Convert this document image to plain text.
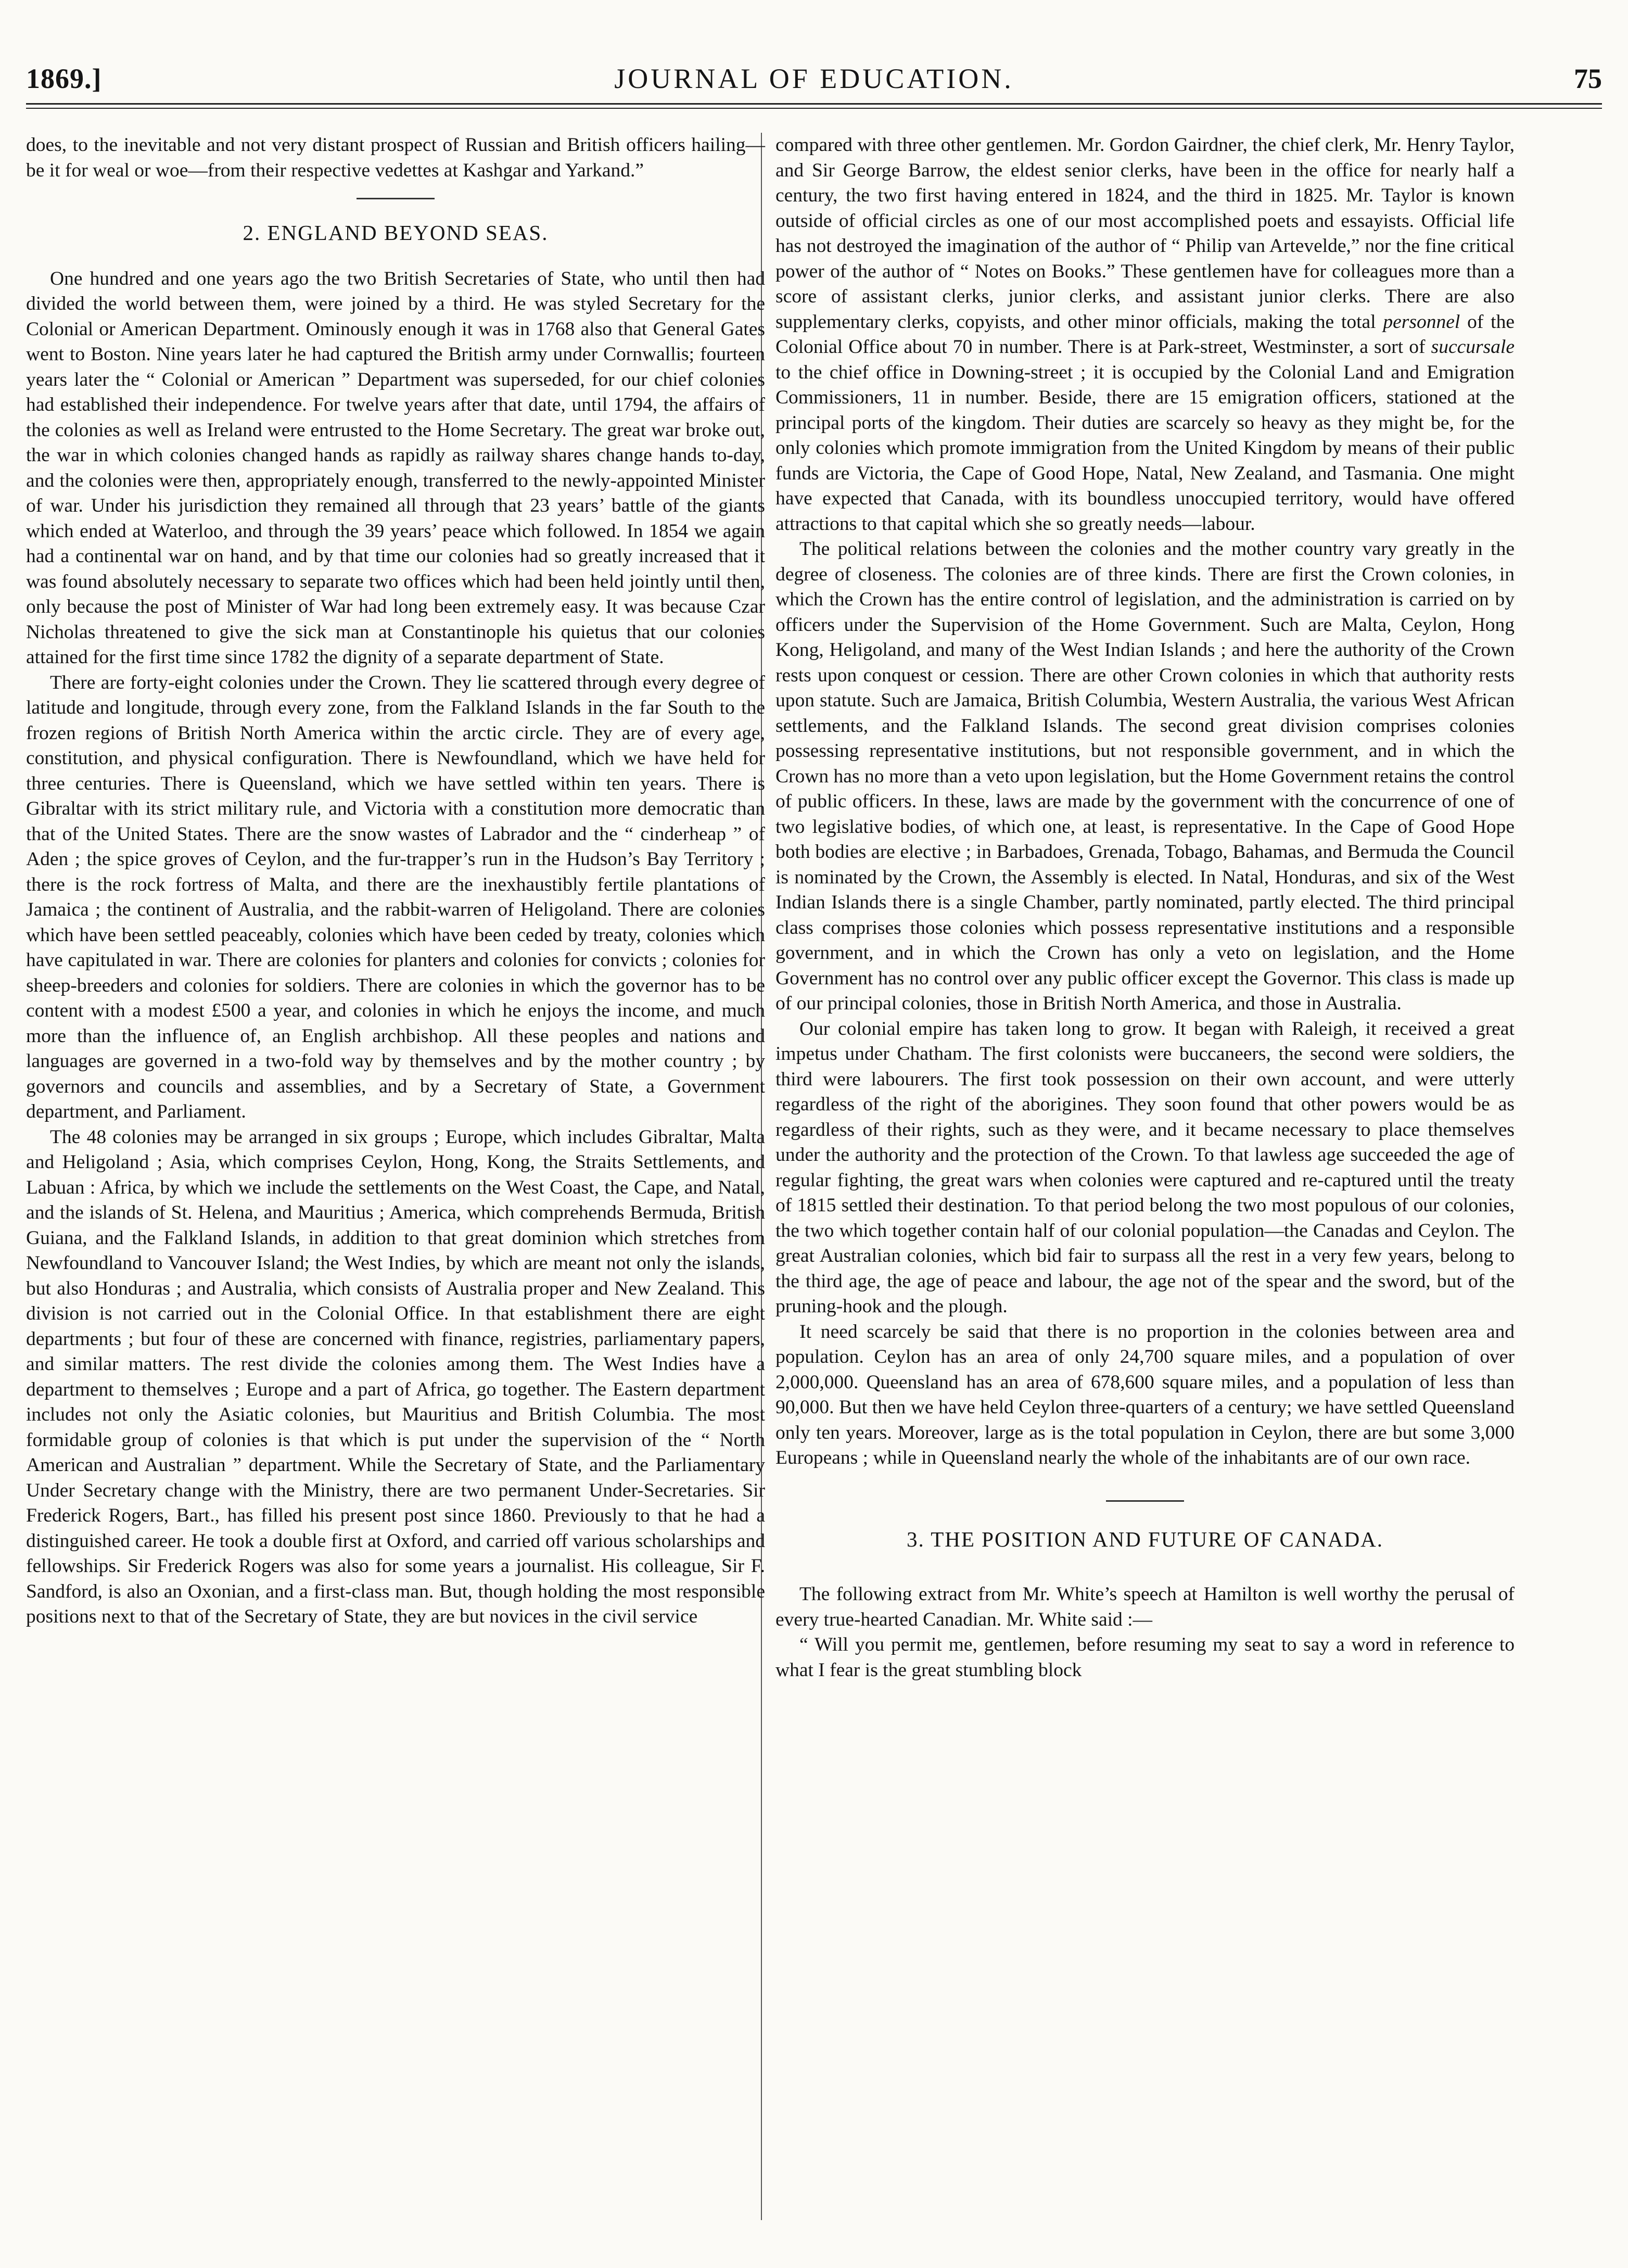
1869.]	JOURNAL OF EDUCATION.	75

does, to the inevitable and not very distant prospect of Russian and British officers hailing—be it for weal or woe—from their respective vedettes at Kashgar and Yarkand.”

2. ENGLAND BEYOND SEAS.

One hundred and one years ago the two British Secretaries of State, who until then had divided the world between them, were joined by a third. He was styled Secretary for the Colonial or American Department. Ominously enough it was in 1768 also that General Gates went to Boston. Nine years later he had captured the British army under Cornwallis; fourteen years later the “ Colonial or American ” Department was superseded, for our chief colonies had established their independence. For twelve years after that date, until 1794, the affairs of the colonies as well as Ireland were entrusted to the Home Secretary. The great war broke out, the war in which colonies changed hands as rapidly as railway shares change hands to-day, and the colonies were then, appropriately enough, transferred to the newly-appointed Minister of war. Under his jurisdiction they remained all through that 23 years’ battle of the giants which ended at Waterloo, and through the 39 years’ peace which followed. In 1854 we again had a continental war on hand, and by that time our colonies had so greatly increased that it was found absolutely necessary to separate two offices which had been held jointly until then, only because the post of Minister of War had long been extremely easy. It was because Czar Nicholas threatened to give the sick man at Constantinople his quietus that our colonies attained for the first time since 1782 the dignity of a separate department of State.

There are forty-eight colonies under the Crown. They lie scattered through every degree of latitude and longitude, through every zone, from the Falkland Islands in the far South to the frozen regions of British North America within the arctic circle. They are of every age, constitution, and physical configuration. There is Newfoundland, which we have held for three centuries. There is Queensland, which we have settled within ten years. There is Gibraltar with its strict military rule, and Victoria with a constitution more democratic than that of the United States. There are the snow wastes of Labrador and the “ cinderheap ” of Aden ; the spice groves of Ceylon, and the fur-trapper’s run in the Hudson’s Bay Territory ; there is the rock fortress of Malta, and there are the inexhaustibly fertile plantations of Jamaica ; the continent of Australia, and the rabbit-warren of Heligoland. There are colonies which have been settled peaceably, colonies which have been ceded by treaty, colonies which have capitulated in war. There are colonies for planters and colonies for convicts ; colonies for sheep-breeders and colonies for soldiers. There are colonies in which the governor has to be content with a modest £500 a year, and colonies in which he enjoys the income, and much more than the influence of, an English archbishop. All these peoples and nations and languages are governed in a two-fold way by themselves and by the mother country ; by governors and councils and assemblies, and by a Secretary of State, a Government department, and Parliament.

The 48 colonies may be arranged in six groups ; Europe, which includes Gibraltar, Malta and Heligoland ; Asia, which comprises Ceylon, Hong, Kong, the Straits Settlements, and Labuan : Africa, by which we include the settlements on the West Coast, the Cape, and Natal, and the islands of St. Helena, and Mauritius ; America, which comprehends Bermuda, British Guiana, and the Falkland Islands, in addition to that great dominion which stretches from Newfoundland to Vancouver Island; the West Indies, by which are meant not only the islands, but also Honduras ; and Australia, which consists of Australia proper and New Zealand. This division is not carried out in the Colonial Office. In that establishment there are eight departments ; but four of these are concerned with finance, registries, parliamentary papers, and similar matters. The rest divide the colonies among them. The West Indies have a department to themselves ; Europe and a part of Africa, go together. The Eastern department includes not only the Asiatic colonies, but Mauritius and British Columbia. The most formidable group of colonies is that which is put under the supervision of the “ North American and Australian ” department. While the Secretary of State, and the Parliamentary Under Secretary change with the Ministry, there are two permanent Under-Secretaries. Sir Frederick Rogers, Bart., has filled his present post since 1860. Previously to that he had a distinguished career. He took a double first at Oxford, and carried off various scholarships and fellowships. Sir Frederick Rogers was also for some years a journalist. His colleague, Sir F. Sandford, is also an Oxonian, and a first-class man. But, though holding the most responsible positions next to that of the Secretary of State, they are but novices in the civil service

compared with three other gentlemen. Mr. Gordon Gairdner, the chief clerk, Mr. Henry Taylor, and Sir George Barrow, the eldest senior clerks, have been in the office for nearly half a century, the two first having entered in 1824, and the third in 1825. Mr. Taylor is known outside of official circles as one of our most accomplished poets and essayists. Official life has not destroyed the imagination of the author of “ Philip van Artevelde,” nor the fine critical power of the author of “ Notes on Books.” These gentlemen have for colleagues more than a score of assistant clerks, junior clerks, and assistant junior clerks. There are also supplementary clerks, copyists, and other minor officials, making the total personnel of the Colonial Office about 70 in number. There is at Park-street, Westminster, a sort of succursale to the chief office in Downing-street ; it is occupied by the Colonial Land and Emigration Commissioners, 11 in number. Beside, there are 15 emigration officers, stationed at the principal ports of the kingdom. Their duties are scarcely so heavy as they might be, for the only colonies which promote immigration from the United Kingdom by means of their public funds are Victoria, the Cape of Good Hope, Natal, New Zealand, and Tasmania. One might have expected that Canada, with its boundless unoccupied territory, would have offered attractions to that capital which she so greatly needs—labour.

The political relations between the colonies and the mother country vary greatly in the degree of closeness. The colonies are of three kinds. There are first the Crown colonies, in which the Crown has the entire control of legislation, and the administration is carried on by officers under the Supervision of the Home Government. Such are Malta, Ceylon, Hong Kong, Heligoland, and many of the West Indian Islands ; and here the authority of the Crown rests upon conquest or cession. There are other Crown colonies in which that authority rests upon statute. Such are Jamaica, British Columbia, Western Australia, the various West African settlements, and the Falkland Islands. The second great division comprises colonies possessing representative institutions, but not responsible government, and in which the Crown has no more than a veto upon legislation, but the Home Government retains the control of public officers. In these, laws are made by the government with the concurrence of one of two legislative bodies, of which one, at least, is representative. In the Cape of Good Hope both bodies are elective ; in Barbadoes, Grenada, Tobago, Bahamas, and Bermuda the Council is nominated by the Crown, the Assembly is elected. In Natal, Honduras, and six of the West Indian Islands there is a single Chamber, partly nominated, partly elected. The third principal class comprises those colonies which possess representative institutions and a responsible government, and in which the Crown has only a veto on legislation, and the Home Government has no control over any public officer except the Governor. This class is made up of our principal colonies, those in British North America, and those in Australia.

Our colonial empire has taken long to grow. It began with Raleigh, it received a great impetus under Chatham. The first colonists were buccaneers, the second were soldiers, the third were labourers. The first took possession on their own account, and were utterly regardless of the right of the aborigines. They soon found that other powers would be as regardless of their rights, such as they were, and it became necessary to place themselves under the authority and the protection of the Crown. To that lawless age succeeded the age of regular fighting, the great wars when colonies were captured and re-captured until the treaty of 1815 settled their destination. To that period belong the two most populous of our colonies, the two which together contain half of our colonial population—the Canadas and Ceylon. The great Australian colonies, which bid fair to surpass all the rest in a very few years, belong to the third age, the age of peace and labour, the age not of the spear and the sword, but of the pruning-hook and the plough.

It need scarcely be said that there is no proportion in the colonies between area and population. Ceylon has an area of only 24,700 square miles, and a population of over 2,000,000. Queensland has an area of 678,600 square miles, and a population of less than 90,000. But then we have held Ceylon three-quarters of a century; we have settled Queensland only ten years. Moreover, large as is the total population in Ceylon, there are but some 3,000 Europeans ; while in Queensland nearly the whole of the inhabitants are of our own race.

3. THE POSITION AND FUTURE OF CANADA.

The following extract from Mr. White’s speech at Hamilton is well worthy the perusal of every true-hearted Canadian. Mr. White said :—

“ Will you permit me, gentlemen, before resuming my seat to say a word in reference to what I fear is the great stumbling block
